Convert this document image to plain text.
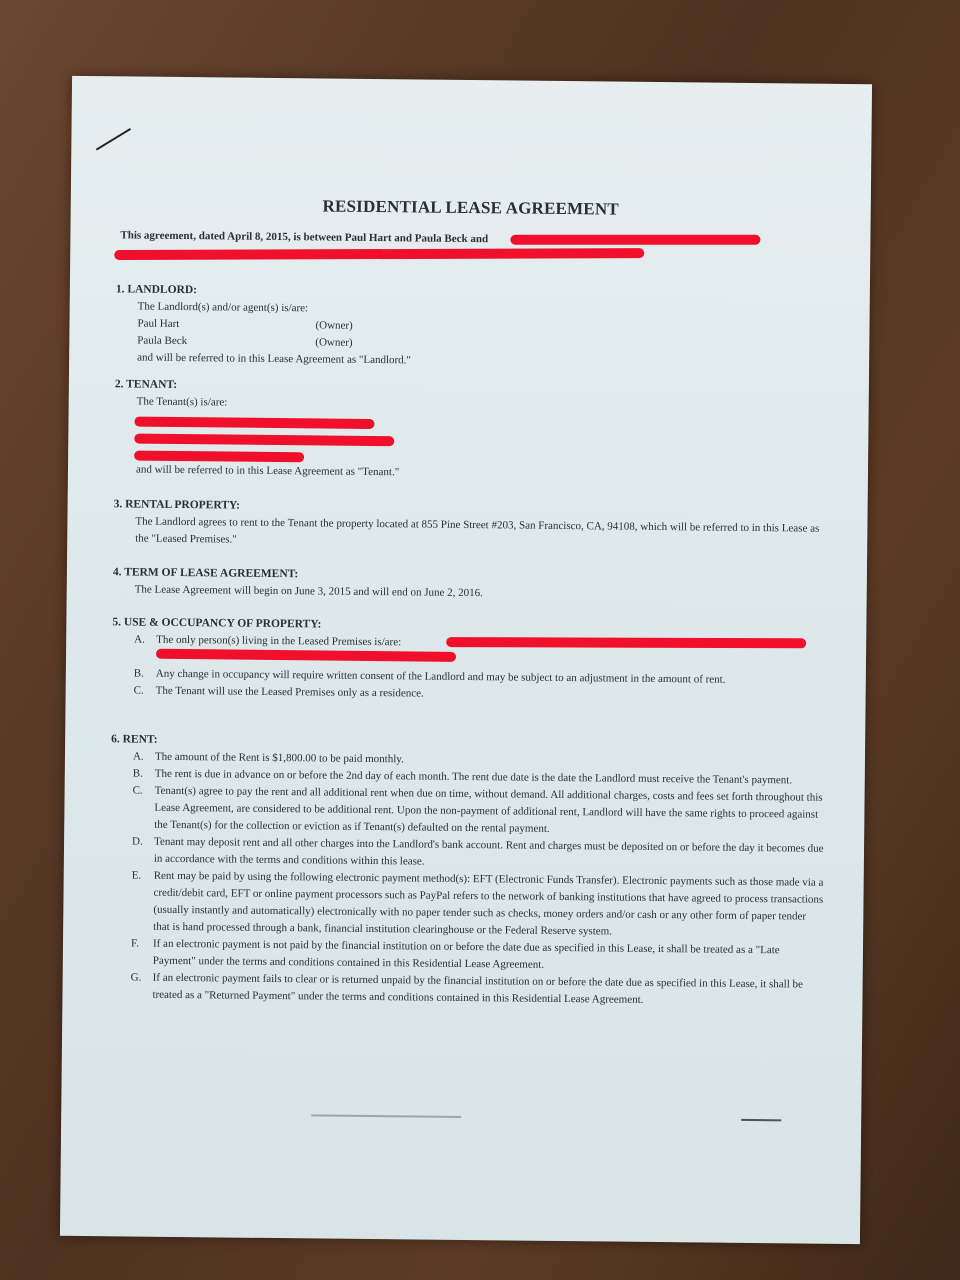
RESIDENTIAL LEASE AGREEMENT
This agreement, dated April 8, 2015, is between Paul Hart and Paula Beck and
1. LANDLORD:

The Landlord(s) and/or agent(s) is/are:

Paul Hart	(Owner)
Paula Beck	(Owner)

and will be referred to in this Lease Agreement as "Landlord."

2. TENANT:

The Tenant(s) is/are:

and will be referred to in this Lease Agreement as "Tenant."

3. RENTAL PROPERTY:

The Landlord agrees to rent to the Tenant the property located at 855 Pine Street #203, San Francisco, CA, 94108, which will be referred to in this Lease as the "Leased Premises."

4. TERM OF LEASE AGREEMENT:

The Lease Agreement will begin on June 3, 2015 and will end on June 2, 2016.

5. USE & OCCUPANCY OF PROPERTY:
A.	The only person(s) living in the Leased Premises is/are:
B.	Any change in occupancy will require written consent of the Landlord and may be subject to an adjustment in the amount of rent.
C.	The Tenant will use the Leased Premises only as a residence.
6. RENT:
A.	The amount of the Rent is $1,800.00 to be paid monthly.
B.	The rent is due in advance on or before the 2nd day of each month. The rent due date is the date the Landlord must receive the Tenant's payment.
C.	Tenant(s) agree to pay the rent and all additional rent when due on time, without demand. All additional charges, costs and fees set forth throughout this Lease Agreement, are considered to be additional rent. Upon the non-payment of additional rent, Landlord will have the same rights to proceed against the Tenant(s) for the collection or eviction as if Tenant(s) defaulted on the rental payment.
D.	Tenant may deposit rent and all other charges into the Landlord's bank account. Rent and charges must be deposited on or before the day it becomes due in accordance with the terms and conditions within this lease.
E.	Rent may be paid by using the following electronic payment method(s): EFT (Electronic Funds Transfer). Electronic payments such as those made via a credit/debit card, EFT or online payment processors such as PayPal refers to the network of banking institutions that have agreed to process transactions (usually instantly and automatically) electronically with no paper tender such as checks, money orders and/or cash or any other form of paper tender that is hand processed through a bank, financial institution clearinghouse or the Federal Reserve system.
F.	If an electronic payment is not paid by the financial institution on or before the date due as specified in this Lease, it shall be treated as a "Late Payment" under the terms and conditions contained in this Residential Lease Agreement.
G.	If an electronic payment fails to clear or is returned unpaid by the financial institution on or before the date due as specified in this Lease, it shall be treated as a "Returned Payment" under the terms and conditions contained in this Residential Lease Agreement.
